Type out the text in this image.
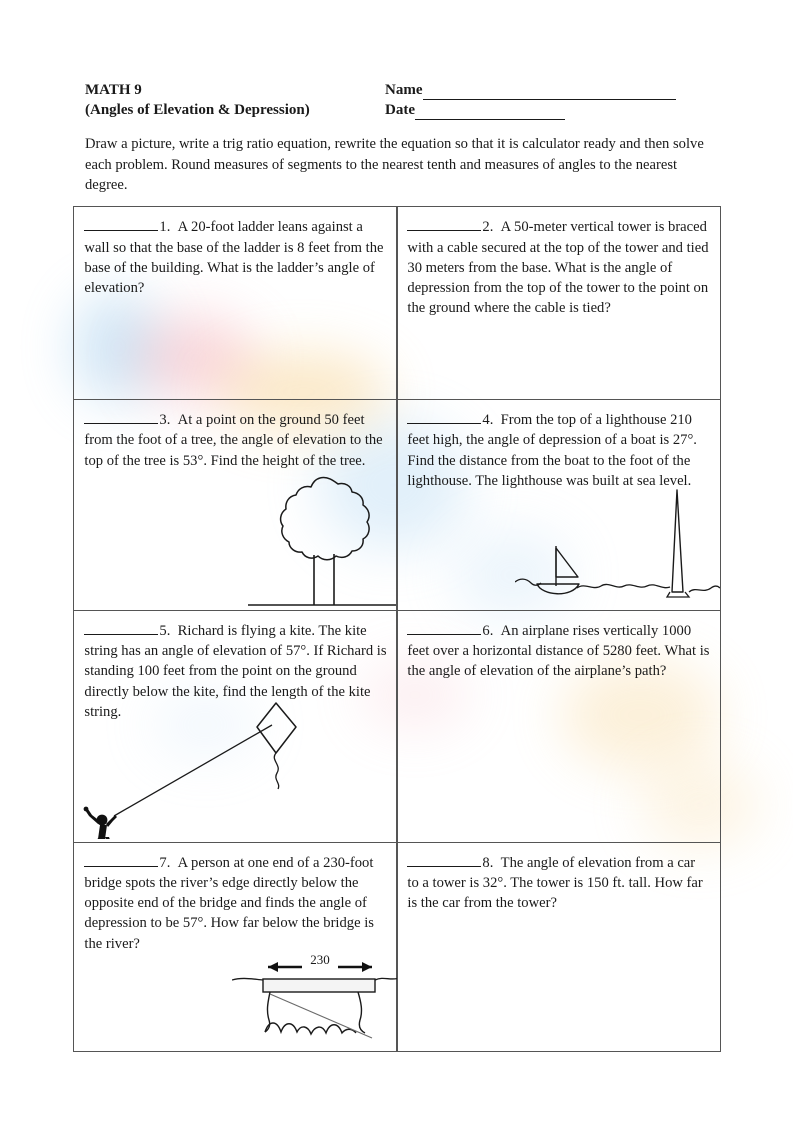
MATH 9
(Angles of Elevation & Depression)
Name
Date
Draw a picture, write a trig ratio equation, rewrite the equation so that it is calculator ready and then solve each problem. Round measures of segments to the nearest tenth and measures of angles to the nearest degree.
1. A 20-foot ladder leans against a wall so that the base of the ladder is 8 feet from the base of the building. What is the ladder’s angle of elevation?
2. A 50-meter vertical tower is braced with a cable secured at the top of the tower and tied 30 meters from the base. What is the angle of depression from the top of the tower to the point on the ground where the cable is tied?
3. At a point on the ground 50 feet from the foot of a tree, the angle of elevation to the top of the tree is 53°. Find the height of the tree.
4. From the top of a lighthouse 210 feet high, the angle of depression of a boat is 27°. Find the distance from the boat to the foot of the lighthouse. The lighthouse was built at sea level.
5. Richard is flying a kite. The kite string has an angle of elevation of 57°. If Richard is standing 100 feet from the point on the ground directly below the kite, find the length of the kite string.
6. An airplane rises vertically 1000 feet over a horizontal distance of 5280 feet. What is the angle of elevation of the airplane’s path?
7. A person at one end of a 230-foot bridge spots the river’s edge directly below the opposite end of the bridge and finds the angle of depression to be 57°. How far below the bridge is the river?
230
8. The angle of elevation from a car to a tower is 32°. The tower is 150 ft. tall. How far is the car from the tower?
